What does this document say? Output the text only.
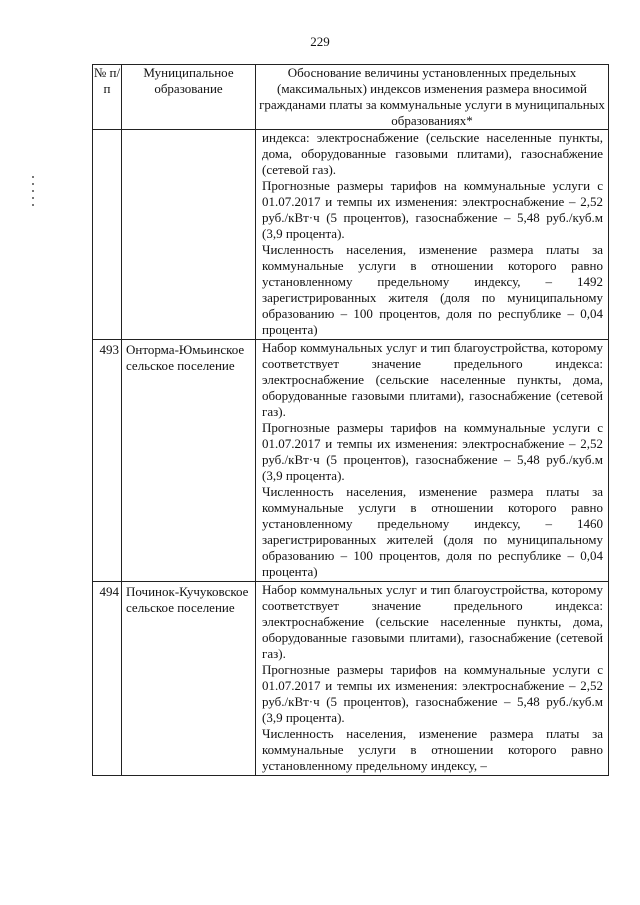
229
№ п/п	Муниципальное образование	Обоснование величины установленных предельных (максимальных) индексов изменения размера вносимой гражданами платы за коммунальные услуги в муниципальных образованиях*

		индекса: электроснабжение (сельские населенные пункты, дома, оборудованные газовыми плитами), газоснабжение (сетевой газ).
Прогнозные размеры тарифов на коммунальные услуги с 01.07.2017 и темпы их изменения: электроснабжение – 2,52 руб./кВт·ч (5 процентов), газоснабжение – 5,48 руб./куб.м (3,9 процента).
Численность населения, изменение размера платы за коммунальные услуги в отношении которого равно установленному предельному индексу, – 1492 зарегистрированных жителя (доля по муниципальному образованию – 100 процентов, доля по республике – 0,04 процента)

493	Онторма-Юмьинское сельское поселение	Набор коммунальных услуг и тип благоустройства, которому соответствует значение предельного индекса: электроснабжение (сельские населенные пункты, дома, оборудованные газовыми плитами), газоснабжение (сетевой газ).
Прогнозные размеры тарифов на коммунальные услуги с 01.07.2017 и темпы их изменения: электроснабжение – 2,52 руб./кВт·ч (5 процентов), газоснабжение – 5,48 руб./куб.м (3,9 процента).
Численность населения, изменение размера платы за коммунальные услуги в отношении которого равно установленному предельному индексу, – 1460 зарегистрированных жителей (доля по муниципальному образованию – 100 процентов, доля по республике – 0,04 процента)

494	Починок-Кучуковское сельское поселение	Набор коммунальных услуг и тип благоустройства, которому соответствует значение предельного индекса: электроснабжение (сельские населенные пункты, дома, оборудованные газовыми плитами), газоснабжение (сетевой газ).
Прогнозные размеры тарифов на коммунальные услуги с 01.07.2017 и темпы их изменения: электроснабжение – 2,52 руб./кВт·ч (5 процентов), газоснабжение – 5,48 руб./куб.м (3,9 процента).
Численность населения, изменение размера платы за коммунальные услуги в отношении которого равно установленному предельному индексу, –
